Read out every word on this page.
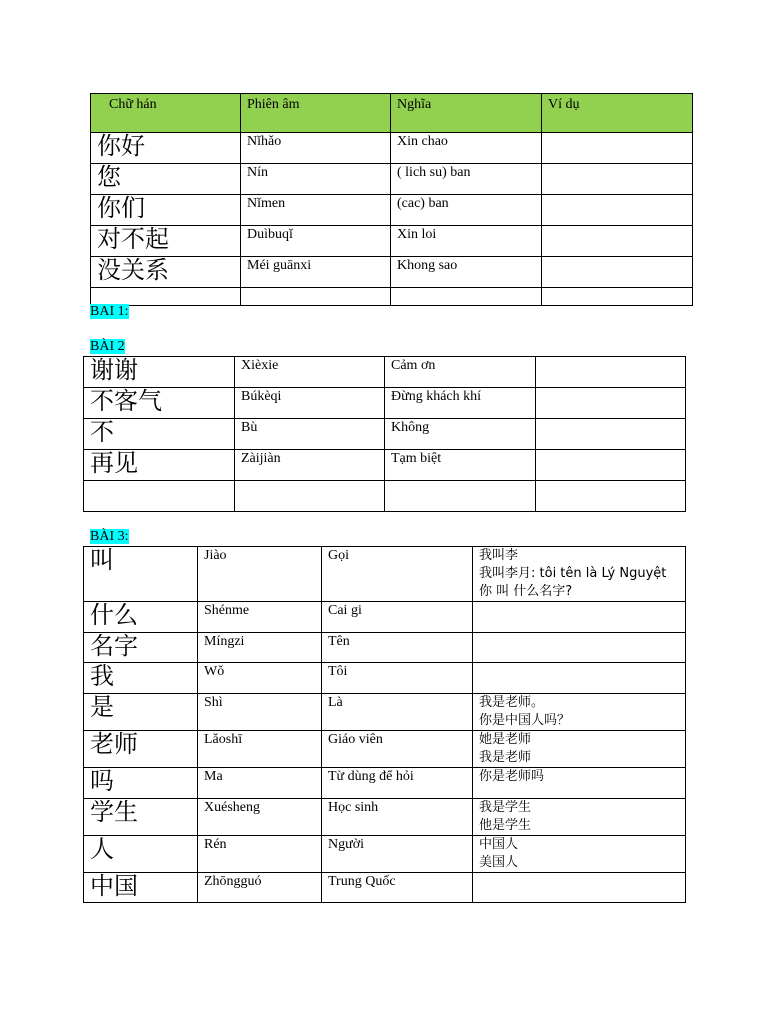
Chữ hán	Phiên âm	Nghĩa	Ví dụ
你好	Nǐhǎo	Xin chao	
您	Nín	( lich su) ban	
你们	Nǐmen	(cac) ban	
对不起	Duìbuqǐ	Xin loi	
没关系	Méi guānxi	Khong sao	

BAI 1:
BÀI 2
谢谢	Xièxie	Cảm ơn	
不客气	Búkèqi	Đừng khách khí	
不	Bù	Không	
再见	Zàijiàn	Tạm biệt	

BÀI 3:
叫	Jiào	Gọi	我叫李
我叫李月: tôi tên là Lý Nguyệt
你 叫 什么名字?

什么	Shénme	Cai gi	
名字	Míngzi	Tên	
我	Wǒ	Tôi	
是	Shì	Là	我是老师。
你是中国人吗？

老师	Lǎoshī	Giáo viên	她是老师
我是老师

吗	Ma	Từ dùng để hỏi	你是老师吗

学生	Xuésheng	Học sinh	我是学生
他是学生

人	Rén	Người	中国人
美国人

中国	Zhōngguó	Trung Quốc	
